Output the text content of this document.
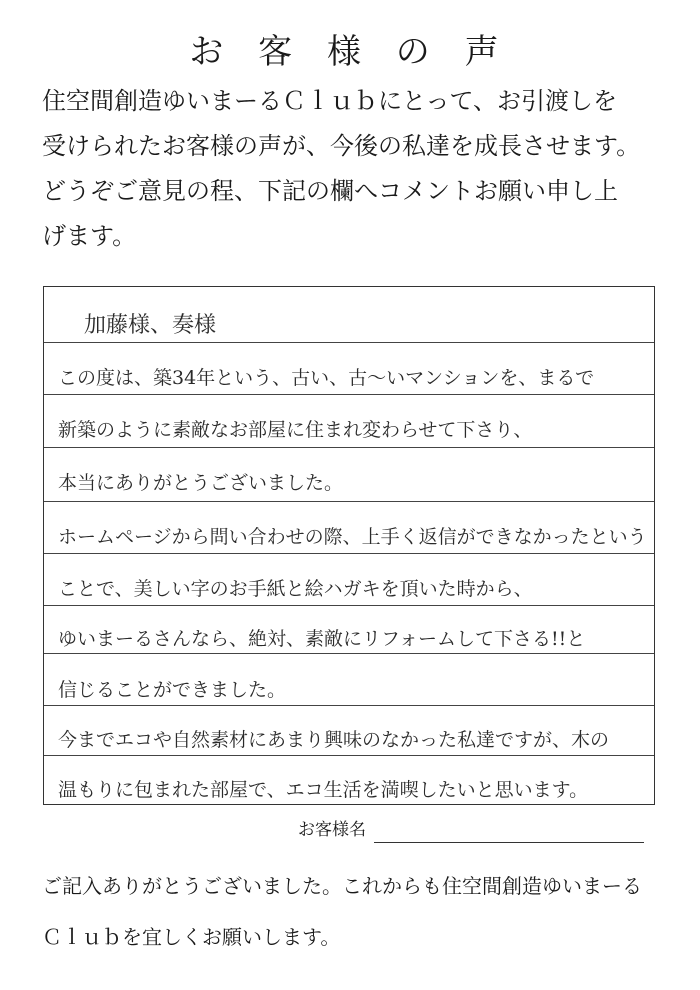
お 客 様 の 声
住空間創造ゆいまーるＣｌｕｂにとって、お引渡しを
受けられたお客様の声が、今後の私達を成長させます。
どうぞご意見の程、下記の欄へコメントお願い申し上
げます。
加藤様、奏様
この度は、築34年という、古い、古～いマンションを、まるで
新築のように素敵なお部屋に住まれ変わらせて下さり、
本当にありがとうございました。
ホームページから問い合わせの際、上手く返信ができなかったという
ことで、美しい字のお手紙と絵ハガキを頂いた時から、
ゆいまーるさんなら、絶対、素敵にリフォームして下さる!!と
信じることができました。
今までエコや自然素材にあまり興味のなかった私達ですが、木の
温もりに包まれた部屋で、エコ生活を満喫したいと思います。
お客様名
ご記入ありがとうございました。これからも住空間創造ゆいまーる
Ｃｌｕｂを宜しくお願いします。
